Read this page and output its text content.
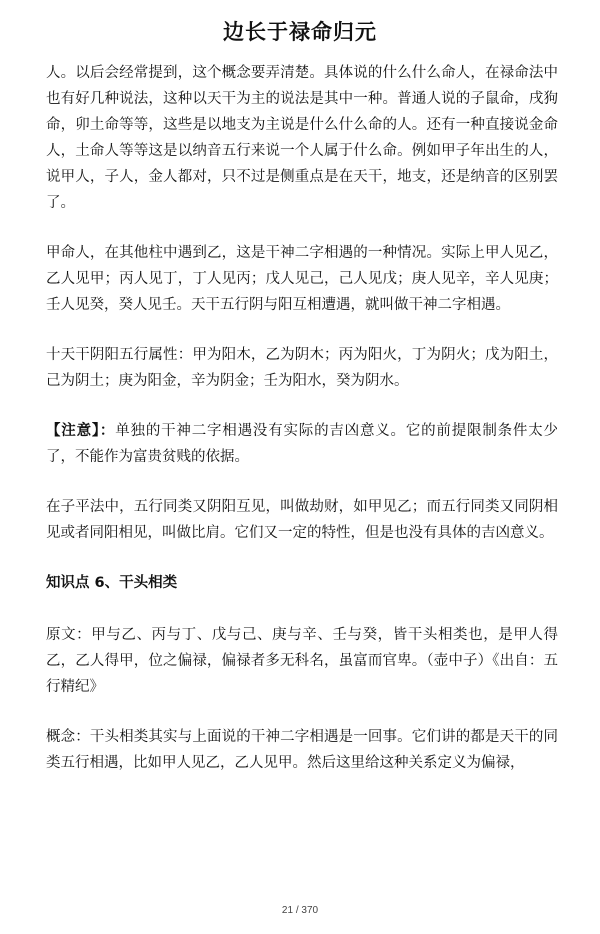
边长于禄命归元

人。以后会经常提到，这个概念要弄清楚。具体说的什么什么命人，在禄命法中也有好几种说法，这种以天干为主的说法是其中一种。普通人说的子鼠命，戌狗命，卯土命等等，这些是以地支为主说是什么什么命的人。还有一种直接说金命人，土命人等等这是以纳音五行来说一个人属于什么命。例如甲子年出生的人，说甲人，子人，金人都对，只不过是侧重点是在天干，地支，还是纳音的区别罢了。

甲命人，在其他柱中遇到乙，这是干神二字相遇的一种情况。实际上甲人见乙，乙人见甲；丙人见丁，丁人见丙；戊人见己，己人见戊；庚人见辛，辛人见庚；壬人见癸，癸人见壬。天干五行阴与阳互相遭遇，就叫做干神二字相遇。

十天干阴阳五行属性：甲为阳木，乙为阴木；丙为阳火，丁为阴火；戊为阳土，己为阴土；庚为阳金，辛为阴金；壬为阳水，癸为阴水。

【注意】：单独的干神二字相遇没有实际的吉凶意义。它的前提限制条件太少了，不能作为富贵贫贱的依据。

在子平法中，五行同类又阴阳互见，叫做劫财，如甲见乙；而五行同类又同阴相见或者同阳相见，叫做比肩。它们又一定的特性，但是也没有具体的吉凶意义。

知识点 6、干头相类

原文：甲与乙、丙与丁、戊与己、庚与辛、壬与癸，皆干头相类也，是甲人得乙，乙人得甲，位之偏禄，偏禄者多无科名，虽富而官卑。（壶中子）《出自：五行精纪》

概念：干头相类其实与上面说的干神二字相遇是一回事。它们讲的都是天干的同类五行相遇，比如甲人见乙，乙人见甲。然后这里给这种关系定义为偏禄，

21 / 370
